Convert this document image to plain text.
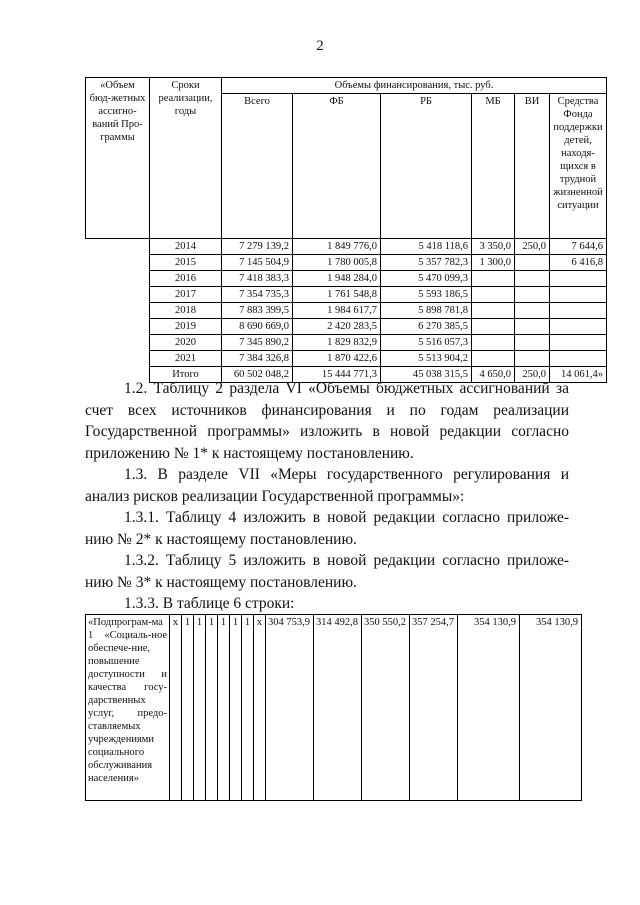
2
«Объем бюд-жетных ассигно-ваний Про-граммы	Сроки реализации, годы	Объемы финансирования, тыс. руб.					
		Всего	ФБ	РБ	МБ	ВИ	Средства Фонда поддержки детей, находя-щихся в трудной жизненной ситуации
	2014	7 279 139,2	1 849 776,0	5 418 118,6	3 350,0	250,0	7 644,6
	2015	7 145 504,9	1 780 005,8	5 357 782,3	1 300,0		6 416,8
	2016	7 418 383,3	1 948 284,0	5 470 099,3			
	2017	7 354 735,3	1 761 548,8	5 593 186,5			
	2018	7 883 399,5	1 984 617,7	5 898 781,8			
	2019	8 690 669,0	2 420 283,5	6 270 385,5			
	2020	7 345 890,2	1 829 832,9	5 516 057,3			
	2021	7 384 326,8	1 870 422,6	5 513 904,2			
	Итого	60 502 048,2	15 444 771,3	45 038 315,5	4 650,0	250,0	14 061,4»

1.2. Таблицу 2 раздела VI «Объемы бюджетных ассигнований за счет всех источников финансирования и по годам реализации Государственной программы» изложить в новой редакции согласно приложению № 1* к настоящему постановлению.

1.3. В разделе VII «Меры государственного регулирования и анализ рисков реализации Государственной программы»:

1.3.1. Таблицу 4 изложить в новой редакции согласно приложе-нию № 2* к настоящему постановлению.

1.3.2. Таблицу 5 изложить в новой редакции согласно приложе-нию № 3* к настоящему постановлению.

1.3.3. В таблице 6 строки:

«Подпрограм-ма 1 «Социаль-ное обеспече-ние, повышение доступности и качества госу-дарственных услуг, предо-ставляемых учреждениями социального обслуживания населения»	х	1	1	1	1	1	1	х	304 753,9	314 492,8	350 550,2	357 254,7	354 130,9	354 130,9
